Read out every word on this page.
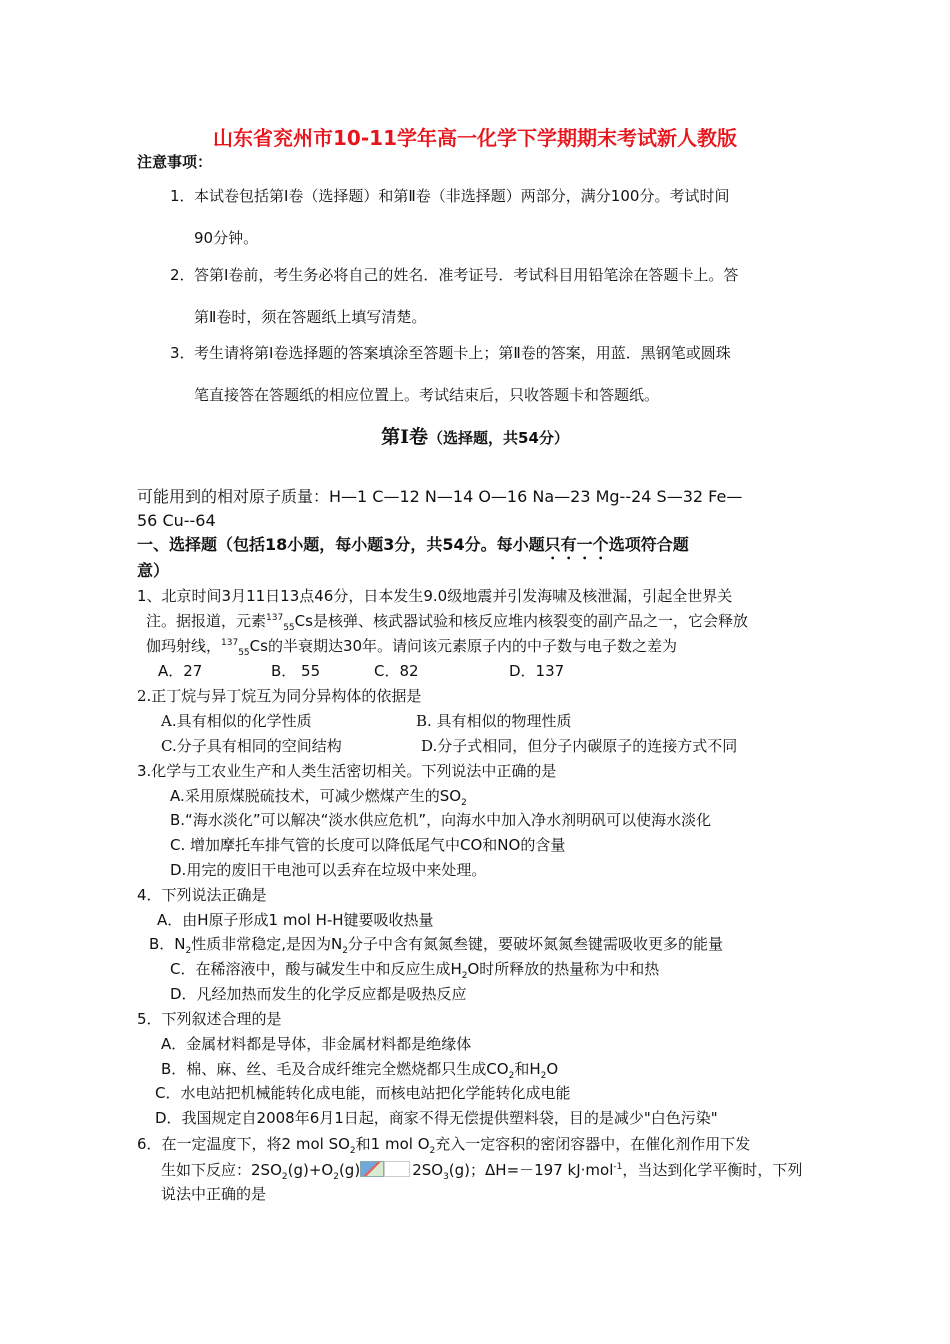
山东省兖州市10-11学年高一化学下学期期末考试新人教版
注意事项：
1． 本试卷包括第Ⅰ卷（选择题）和第Ⅱ卷（非选择题）两部分，满分100分。考试时间
90分钟。
2． 答第Ⅰ卷前，考生务必将自己的姓名．准考证号．考试科目用铅笔涂在答题卡上。答
第Ⅱ卷时，须在答题纸上填写清楚。
3． 考生请将第Ⅰ卷选择题的答案填涂至答题卡上；第Ⅱ卷的答案，用蓝．黑钢笔或圆珠
笔直接答在答题纸的相应位置上。考试结束后，只收答题卡和答题纸。
第Ⅰ卷（选择题，共54分）
可能用到的相对原子质量：H—1 C—12 N—14 O—16 Na—23 Mg--24 S—32 Fe—
56 Cu--64
一、选择题（包括18小题，每小题3分，共54分。每小题只有一个选项符合题
意）
1、北京时间3月11日13点46分，日本发生9.0级地震并引发海啸及核泄漏，引起全世界关
注。据报道，元素$^{137}_{55}$Cs是核弹、核武器试验和核反应堆内核裂变的副产品之一，它会释放
伽玛射线，$^{137}_{55}$Cs的半衰期达30年。请问该元素原子内的中子数与电子数之差为
A．27	B． 55	C．82	D．137
2.正丁烷与异丁烷互为同分异构体的依据是
A.具有相似的化学性质	B. 具有相似的物理性质
C.分子具有相同的空间结构	D.分子式相同，但分子内碳原子的连接方式不同
3.化学与工农业生产和人类生活密切相关。下列说法中正确的是
A.采用原煤脱硫技术，可减少燃煤产生的$SO_2$
B.“海水淡化”可以解决“淡水供应危机”，向海水中加入净水剂明矾可以使海水淡化
C. 增加摩托车排气管的长度可以降低尾气中CO和NO的含量
D.用完的废旧干电池可以丢弃在垃圾中来处理。
4．下列说法正确是
A．由H原子形成1 mol H-H键要吸收热量
B．$N_2$性质非常稳定,是因为$N_2$分子中含有氮氮叁键，要破坏氮氮叁键需吸收更多的能量
C．在稀溶液中，酸与碱发生中和反应生成$H_2O$时所释放的热量称为中和热
D．凡经加热而发生的化学反应都是吸热反应
5．下列叙述合理的是
A．金属材料都是导体，非金属材料都是绝缘体
B．棉、麻、丝、毛及合成纤维完全燃烧都只生成$CO_2$和$H_2O$
C．水电站把机械能转化成电能，而核电站把化学能转化成电能
D．我国规定自2008年6月1日起，商家不得无偿提供塑料袋，目的是减少"白色污染"
6．在一定温度下，将2 mol $SO_2$和1 mol $O_2$充入一定容积的密闭容器中，在催化剂作用下发
生如下反应：$2SO_2(g)+O_2(g)$	$2SO_3(g)$；ΔH=－197 kJ·mol$^{-1}$，当达到化学平衡时，下列
说法中正确的是
